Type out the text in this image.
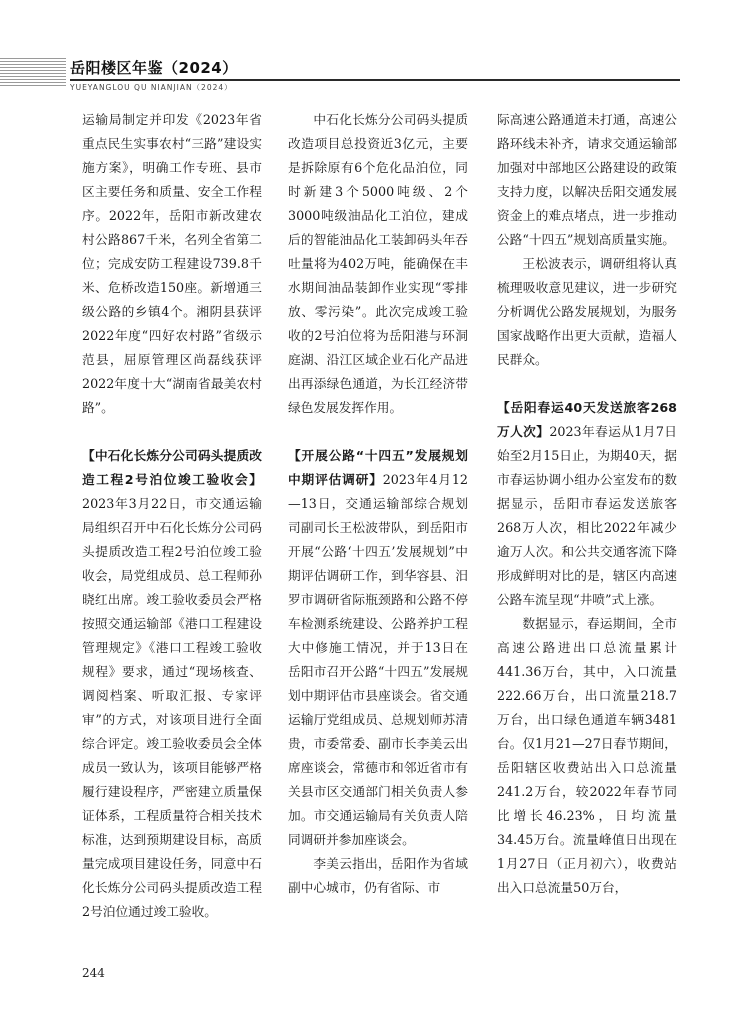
岳阳楼区年鉴（2024）
YUEYANGLOU QU NIANJIAN（2024）

运输局制定并印发《2023年省重点民生实事农村“三路”建设实施方案》，明确工作专班、县市区主要任务和质量、安全工作程序。2022年，岳阳市新改建农村公路867千米，名列全省第二位；完成安防工程建设739.8千米、危桥改造150座。新增通三级公路的乡镇4个。湘阴县获评2022年度“四好农村路”省级示范县，屈原管理区尚磊线获评2022年度十大“湖南省最美农村路”。

【中石化长炼分公司码头提质改造工程2号泊位竣工验收会】2023年3月22日，市交通运输局组织召开中石化长炼分公司码头提质改造工程2号泊位竣工验收会，局党组成员、总工程师孙晓红出席。竣工验收委员会严格按照交通运输部《港口工程建设管理规定》《港口工程竣工验收规程》要求，通过“现场核查、调阅档案、听取汇报、专家评审”的方式，对该项目进行全面综合评定。竣工验收委员会全体成员一致认为，该项目能够严格履行建设程序，严密建立质量保证体系，工程质量符合相关技术标准，达到预期建设目标，高质量完成项目建设任务，同意中石化长炼分公司码头提质改造工程2号泊位通过竣工验收。

中石化长炼分公司码头提质改造项目总投资近3亿元，主要是拆除原有6个危化品泊位，同时新建3个5000吨级、2个3000吨级油品化工泊位，建成后的智能油品化工装卸码头年吞吐量将为402万吨，能确保在丰水期间油品装卸作业实现“零排放、零污染”。此次完成竣工验收的2号泊位将为岳阳港与环洞庭湖、沿江区域企业石化产品进出再添绿色通道，为长江经济带绿色发展发挥作用。

【开展公路“十四五”发展规划中期评估调研】2023年4月12—13日，交通运输部综合规划司副司长王松波带队，到岳阳市开展“公路‘十四五’发展规划”中期评估调研工作，到华容县、汨罗市调研省际瓶颈路和公路不停车检测系统建设、公路养护工程大中修施工情况，并于13日在岳阳市召开公路“十四五”发展规划中期评估市县座谈会。省交通运输厅党组成员、总规划师苏清贵，市委常委、副市长李美云出席座谈会，常德市和邻近省市有关县市区交通部门相关负责人参加。市交通运输局有关负责人陪同调研并参加座谈会。

李美云指出，岳阳作为省域副中心城市，仍有省际、市

际高速公路通道未打通，高速公路环线未补齐，请求交通运输部加强对中部地区公路建设的政策支持力度，以解决岳阳交通发展资金上的难点堵点，进一步推动公路“十四五”规划高质量实施。

王松波表示，调研组将认真梳理吸收意见建议，进一步研究分析调优公路发展规划，为服务国家战略作出更大贡献，造福人民群众。

【岳阳春运40天发送旅客268万人次】2023年春运从1月7日始至2月15日止，为期40天，据市春运协调小组办公室发布的数据显示，岳阳市春运发送旅客268万人次，相比2022年减少逾万人次。和公共交通客流下降形成鲜明对比的是，辖区内高速公路车流呈现“井喷”式上涨。

数据显示，春运期间，全市高速公路进出口总流量累计441.36万台，其中，入口流量222.66万台，出口流量218.7万台，出口绿色通道车辆3481台。仅1月21—27日春节期间，岳阳辖区收费站出入口总流量241.2万台，较2022年春节同比增长46.23%，日均流量34.45万台。流量峰值日出现在1月27日（正月初六），收费站出入口总流量50万台，

244
